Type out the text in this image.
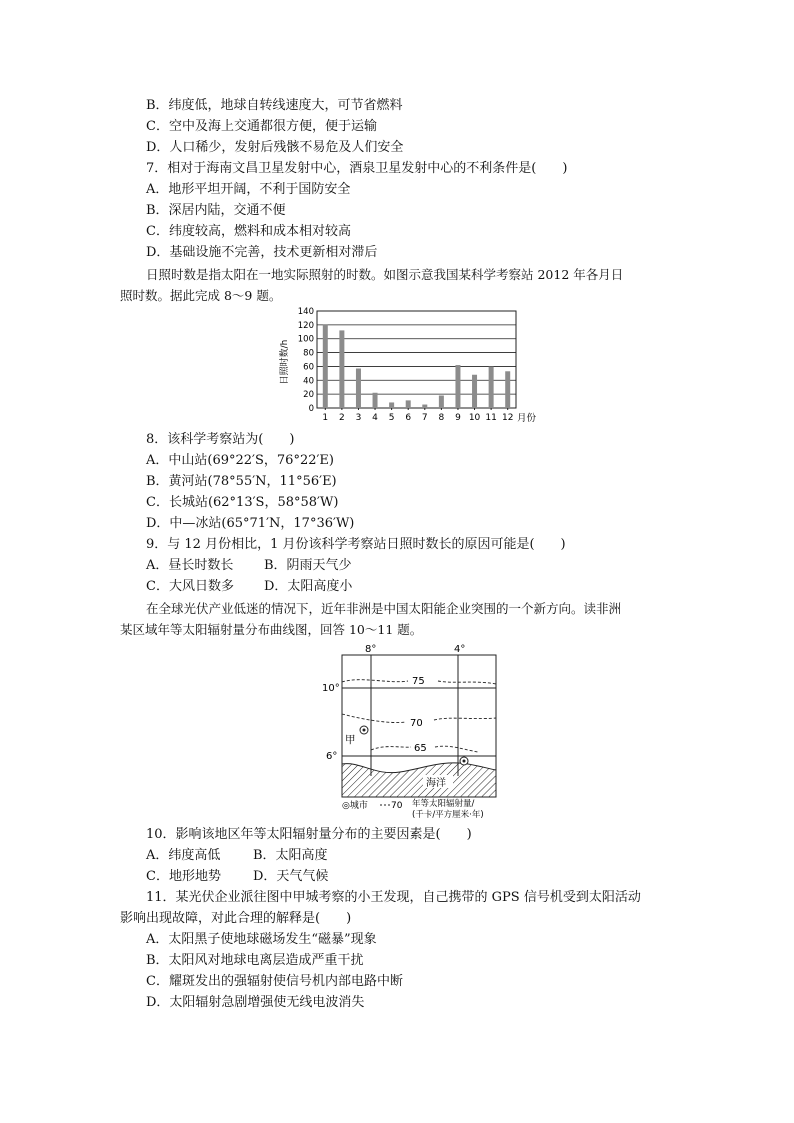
B．纬度低，地球自转线速度大，可节省燃料
C．空中及海上交通都很方便，便于运输
D．人口稀少，发射后残骸不易危及人们安全
7．相对于海南文昌卫星发射中心，酒泉卫星发射中心的不利条件是(　　)
A．地形平坦开阔，不利于国防安全
B．深居内陆，交通不便
C．纬度较高，燃料和成本相对较高
D．基础设施不完善，技术更新相对滞后
日照时数是指太阳在一地实际照射的时数。如图示意我国某科学考察站 2012 年各月日
照时数。据此完成 8～9 题。
0
20
40
60
80
100
120
140
1 2 3 4 5 6 7 8 9 10 11 12
日照时数/h
月份
8．该科学考察站为(　　)
A．中山站(69°22′S，76°22′E)
B．黄河站(78°55′N，11°56′E)
C．长城站(62°13′S，58°58′W)
D．中—冰站(65°71′N，17°36′W)
9．与 12 月份相比，1 月份该科学考察站日照时数长的原因可能是(　　)
A．昼长时数长 B．阴雨天气少
C．大风日数多 D．太阳高度小
在全球光伏产业低迷的情况下，近年非洲是中国太阳能企业突围的一个新方向。读非洲
某区域年等太阳辐射量分布曲线图，回答 10～11 题。
海洋
75
70
65
甲
8°	4°
10°
6°
◎城市	70 年等太阳辐射量/
(千卡/平方厘米·年)
10．影响该地区年等太阳辐射量分布的主要因素是(　　)
A．纬度高低	B．太阳高度
C．地形地势 D．天气气候
11．某光伏企业派往图中甲城考察的小王发现，自己携带的 GPS 信号机受到太阳活动
影响出现故障，对此合理的解释是(　　)
A．太阳黑子使地球磁场发生“磁暴”现象
B．太阳风对地球电离层造成严重干扰
C．耀斑发出的强辐射使信号机内部电路中断
D．太阳辐射急剧增强使无线电波消失
